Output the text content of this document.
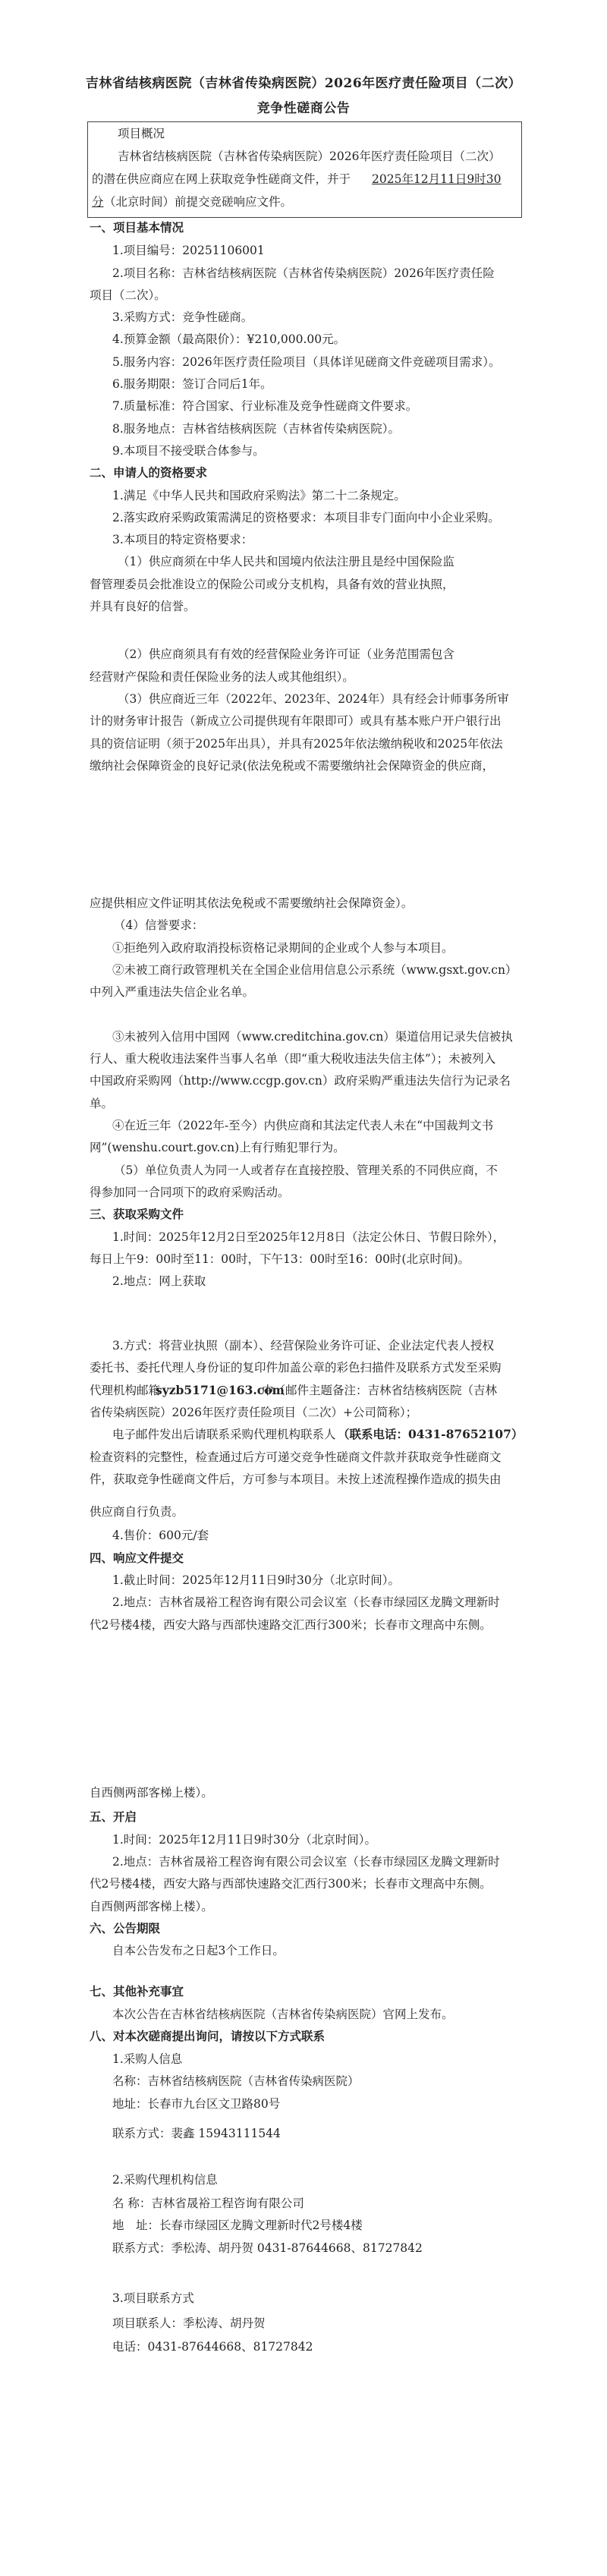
吉林省结核病医院（吉林省传染病医院）2026年医疗责任险项目（二次）
竞争性磋商公告
项目概况
吉林省结核病医院（吉林省传染病医院）2026年医疗责任险项目（二次）
的潜在供应商应在网上获取竞争性磋商文件，并于 2025年12月11日9时30
分 （北京时间）前提交竞磋响应文件。
一、项目基本情况
1.项目编号：20251106001
2.项目名称：吉林省结核病医院（吉林省传染病医院）2026年医疗责任险
项目（二次）。
3.采购方式：竞争性磋商。
4.预算金额（最高限价）：¥210,000.00元。
5.服务内容：2026年医疗责任险项目（具体详见磋商文件竞磋项目需求）。
6.服务期限：签订合同后1年。
7.质量标准：符合国家、行业标准及竞争性磋商文件要求。
8.服务地点：吉林省结核病医院（吉林省传染病医院）。
9.本项目不接受联合体参与。
二、申请人的资格要求
1.满足《中华人民共和国政府采购法》第二十二条规定。
2.落实政府采购政策需满足的资格要求：本项目非专门面向中小企业采购。
3.本项目的特定资格要求：
（1）供应商须在中华人民共和国境内依法注册且是经中国保险监
督管理委员会批准设立的保险公司或分支机构，具备有效的营业执照，
并具有良好的信誉。
（2）供应商须具有有效的经营保险业务许可证（业务范围需包含
经营财产保险和责任保险业务的法人或其他组织）。
（3）供应商近三年（2022年、2023年、2024年）具有经会计师事务所审
计的财务审计报告（新成立公司提供现有年限即可）或具有基本账户开户银行出
具的资信证明（须于2025年出具），并具有2025年依法缴纳税收和2025年依法
缴纳社会保障资金的良好记录(依法免税或不需要缴纳社会保障资金的供应商，
应提供相应文件证明其依法免税或不需要缴纳社会保障资金）。
（4）信誉要求：
①拒绝列入政府取消投标资格记录期间的企业或个人参与本项目。
②未被工商行政管理机关在全国企业信用信息公示系统（www.gsxt.gov.cn）
中列入严重违法失信企业名单。
③未被列入信用中国网（www.creditchina.gov.cn）渠道信用记录失信被执
行人、重大税收违法案件当事人名单（即“重大税收违法失信主体”）；未被列入
中国政府采购网（http://www.ccgp.gov.cn）政府采购严重违法失信行为记录名
单。
④在近三年（2022年-至今）内供应商和其法定代表人未在“中国裁判文书
网”(wenshu.court.gov.cn)上有行贿犯罪行为。
（5）单位负责人为同一人或者存在直接控股、管理关系的不同供应商，不
得参加同一合同项下的政府采购活动。
三、获取采购文件
1.时间：2025年12月2日至2025年12月8日（法定公休日、节假日除外），
每日上午9：00时至11：00时，下午13：00时至16：00时(北京时间)。
2.地点：网上获取
3.方式：将营业执照（副本）、经营保险业务许可证、企业法定代表人授权
委托书、委托代理人身份证的复印件加盖公章的彩色扫描件及联系方式发至采购
代理机构邮箱
syzb5171@163.com
中（邮件主题备注：吉林省结核病医院（吉林
省传染病医院）2026年医疗责任险项目（二次）+公司简称）；
电子邮件发出后请联系采购代理机构联系人 （联系电话：0431-87652107）
检查资料的完整性，检查通过后方可递交竞争性磋商文件款并获取竞争性磋商文
件，获取竞争性磋商文件后，方可参与本项目。未按上述流程操作造成的损失由
供应商自行负责。
4.售价：600元/套
四、响应文件提交
1.截止时间：2025年12月11日9时30分（北京时间）。
2.地点：吉林省晟裕工程咨询有限公司会议室（长春市绿园区龙腾文理新时
代2号楼4楼，西安大路与西部快速路交汇西行300米；长春市文理高中东侧。
自西侧两部客梯上楼）。
五、开启
1.时间：2025年12月11日9时30分（北京时间）。
2.地点：吉林省晟裕工程咨询有限公司会议室（长春市绿园区龙腾文理新时
代2号楼4楼，西安大路与西部快速路交汇西行300米；长春市文理高中东侧。
自西侧两部客梯上楼）。
六、公告期限
自本公告发布之日起3个工作日。
七、其他补充事宜
本次公告在吉林省结核病医院（吉林省传染病医院）官网上发布。
八、对本次磋商提出询问，请按以下方式联系
1.采购人信息
名称：吉林省结核病医院（吉林省传染病医院）
地址：长春市九台区文卫路80号
联系方式：裴鑫 15943111544
2.采购代理机构信息
名 称：吉林省晟裕工程咨询有限公司
地　址：长春市绿园区龙腾文理新时代2号楼4楼
联系方式：季松涛、胡丹贺 0431-87644668、81727842
3.项目联系方式
项目联系人：季松涛、胡丹贺
电话：0431-87644668、81727842
